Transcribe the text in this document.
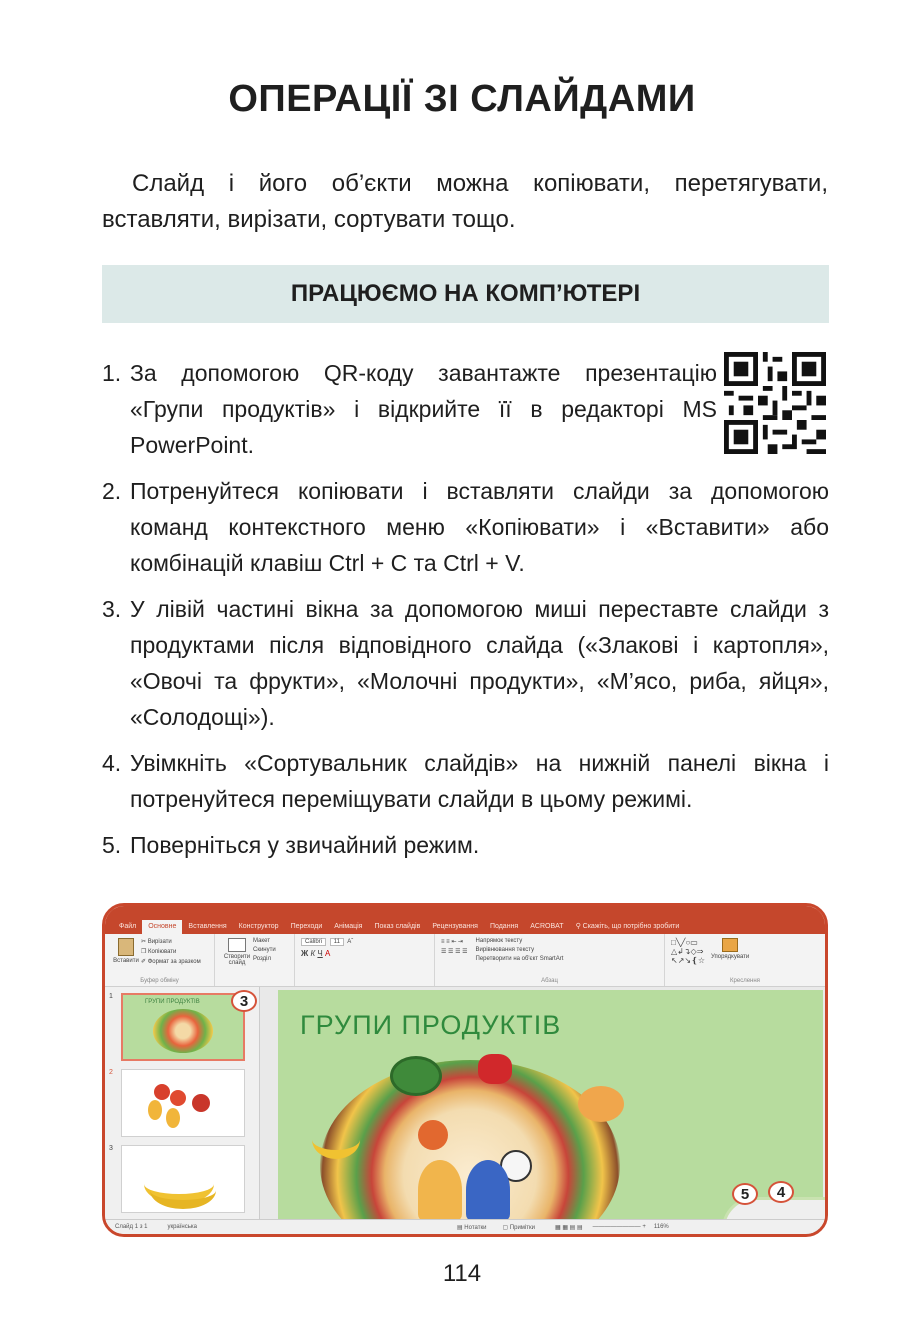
ОПЕРАЦІЇ ЗІ СЛАЙДАМИ

Слайд і його об’єкти можна копіювати, перетягувати, вставляти, вирізати, сортувати тощо.

ПРАЦЮЄМО НА КОМП’ЮТЕРІ
1. За допомогою QR-коду завантажте презентацію «Групи продуктів» і відкрийте її в редакторі MS PowerPoint.
2. Потренуйтеся копіювати і вставляти слайди за допомогою команд контекстного меню «Копіювати» і «Вставити» або комбінацій клавіш Ctrl + C та Ctrl + V.
3. У лівій частині вікна за допомогою миші переставте слайди з продуктами після відповідного слайда («Злакові і картопля», «Овочі та фрукти», «Молочні продукти», «М’ясо, риба, яйця», «Солодощі»).
4. Увімкніть «Сортувальник слайдів» на нижній панелі вікна і потренуйтеся переміщувати слайди в цьому режимі.
5. Поверніться у звичайний режим.
Файл	Основне	Вставлення	Конструктор	Переходи	Анімація	Показ слайдів	Рецензування	Подання	ACROBAT	⚲ Скажіть, що потрібно зробити
Вставити
✂ Вирізати
❐ Копіювати
✐ Формат за зразком
Буфер обміну
Створити слайд
Макет
Скинути
Розділ
Calibri 11 Aˆ
Ж К Ч A
≡ ≡ ⇤ ⇥
☰ ☰ ☰ ☰
Напрямок тексту
Вирівнювання тексту
Перетворити на об'єкт SmartArt
Абзац
□╲╱○▭
△↲↴◇⇒
↖↗↘❴☆ Упорядкувати
Креслення
1
ГРУПИ ПРОДУКТІВ	3
2
3
ГРУПИ ПРОДУКТІВ
5	4
Слайд 1 з 1	українська	▤ Нотатки	▢ Примітки	▦ ▦ ▤ ▤ ———————— + 116%
114
